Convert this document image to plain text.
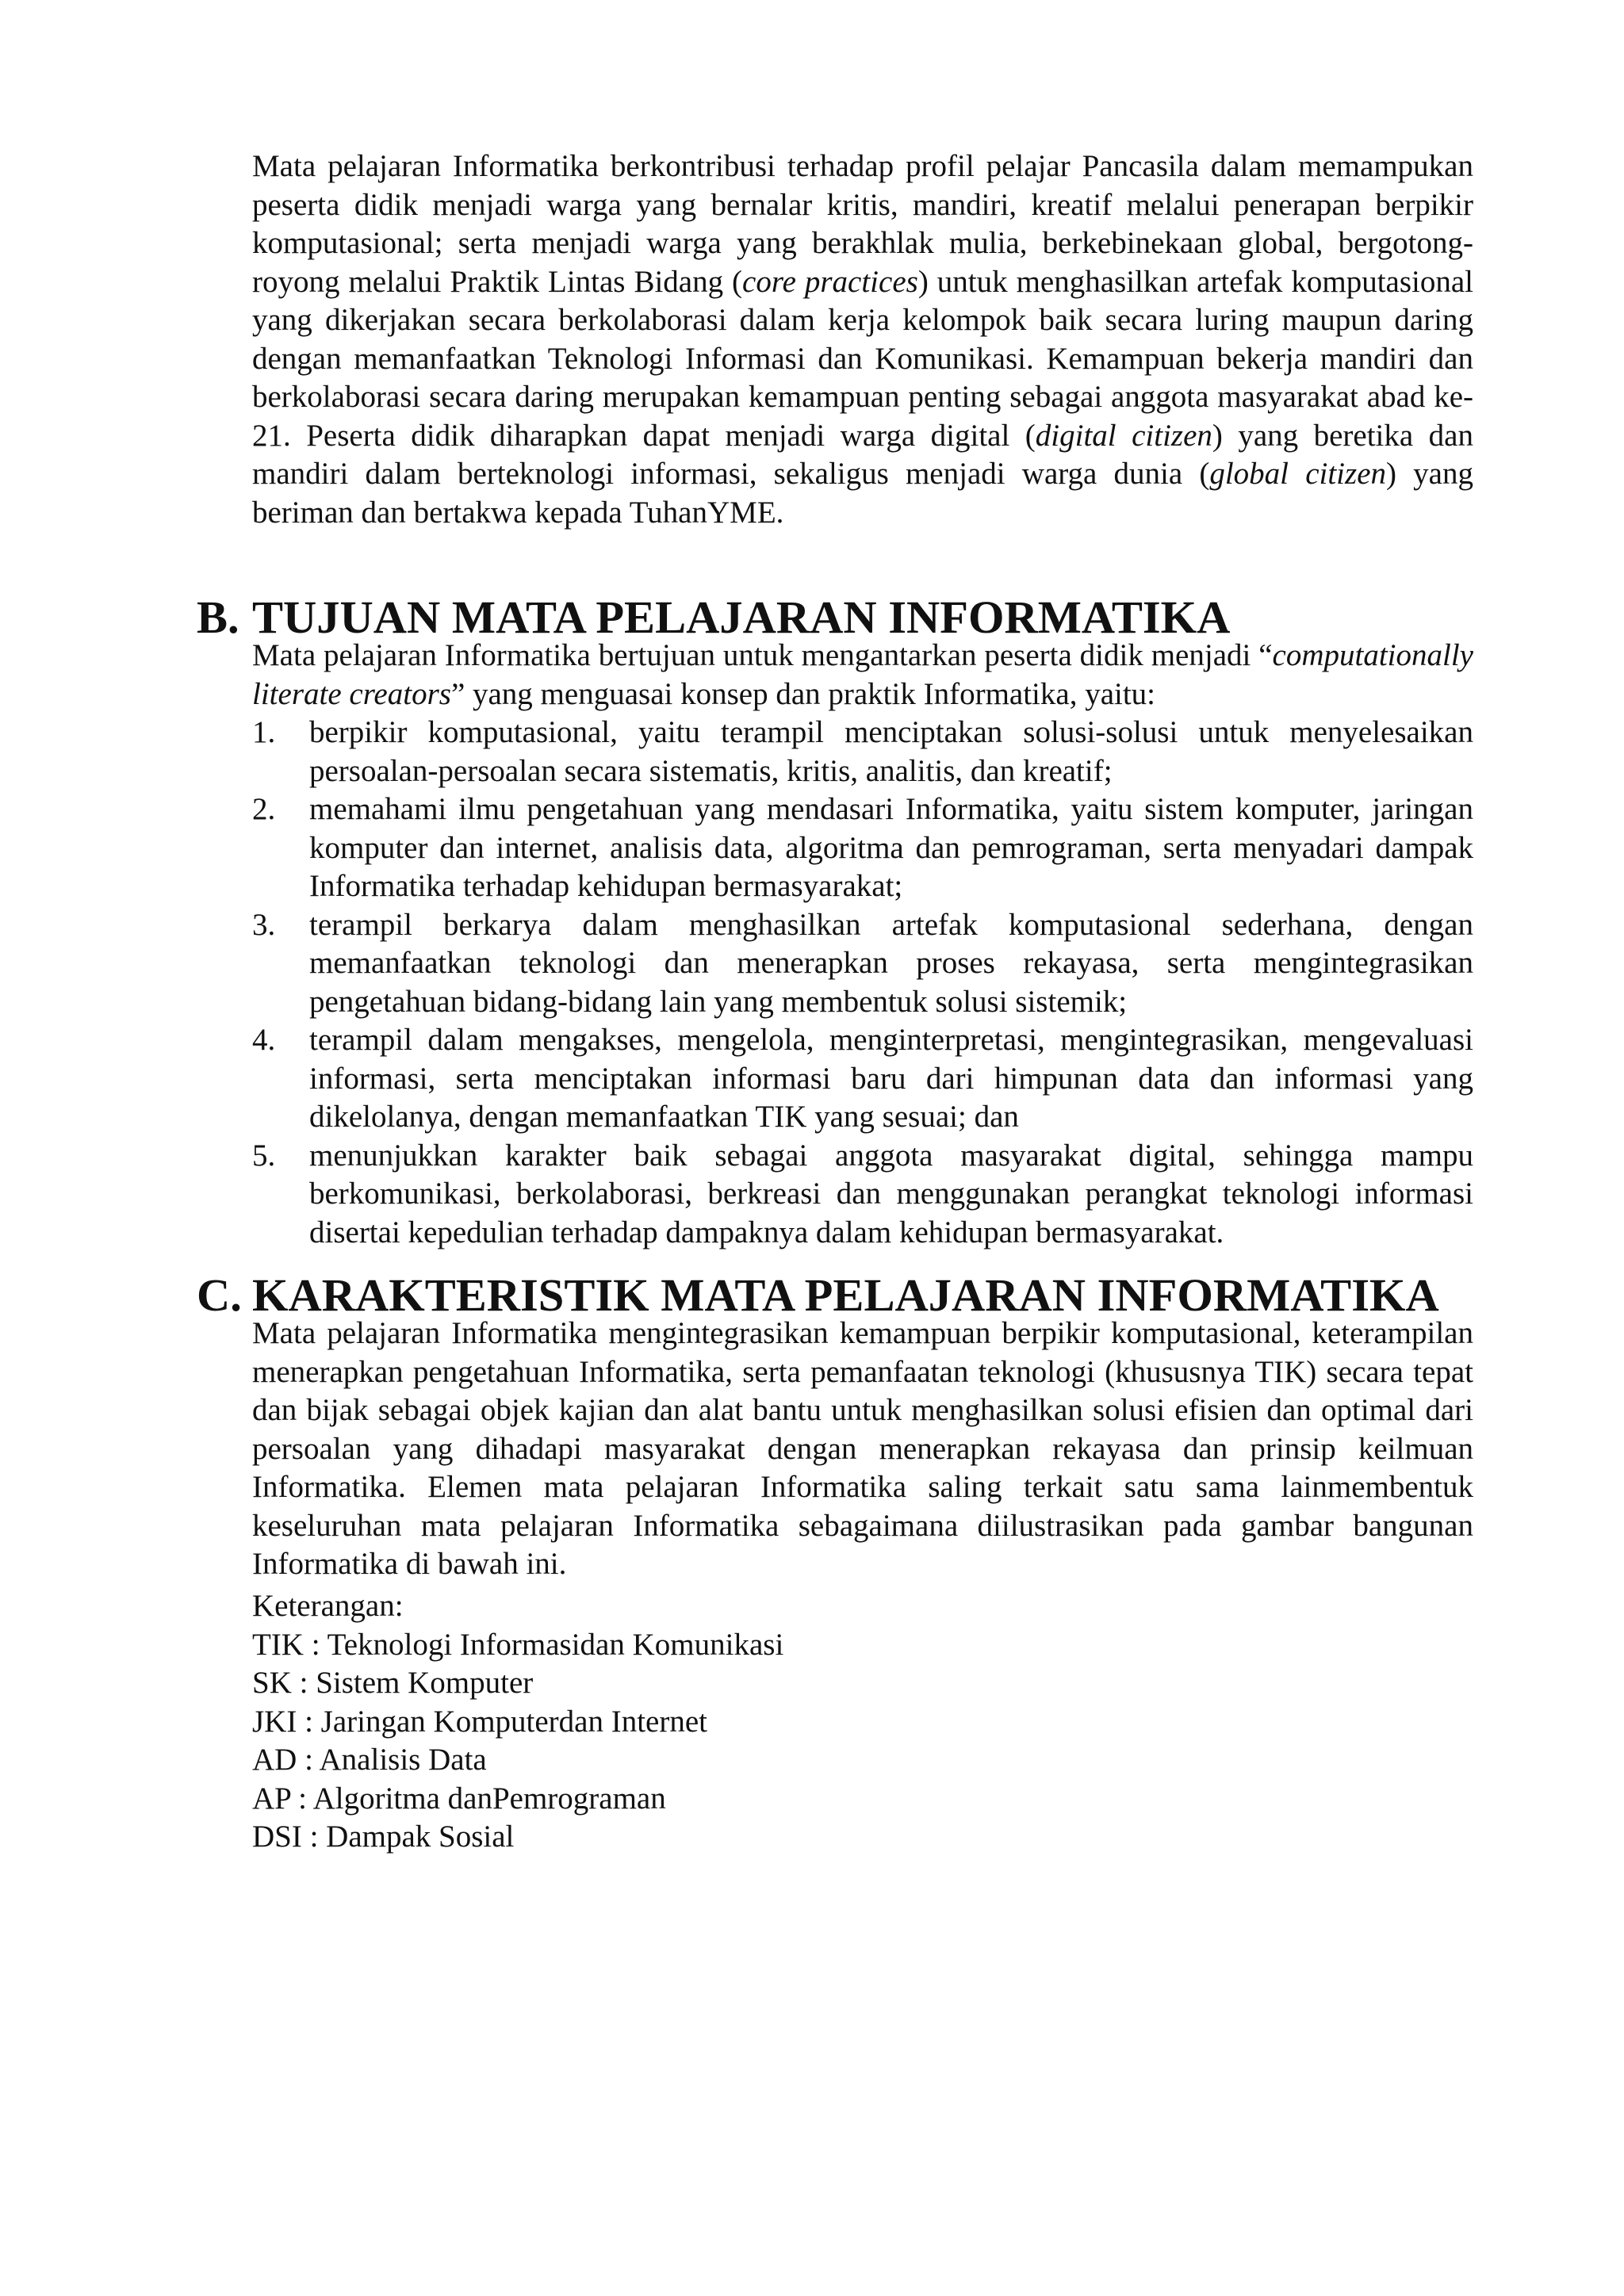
Mata pelajaran Informatika berkontribusi terhadap profil pelajar Pancasila dalam memampukan peserta didik menjadi warga yang bernalar kritis, mandiri, kreatif melalui penerapan berpikir komputasional; serta menjadi warga yang berakhlak mulia, berkebinekaan global, bergotong-royong melalui Praktik Lintas Bidang (core practices) untuk menghasilkan artefak komputasional yang dikerjakan secara berkolaborasi dalam kerja kelompok baik secara luring maupun daring dengan memanfaatkan Teknologi Informasi dan Komunikasi. Kemampuan bekerja mandiri dan berkolaborasi secara daring merupakan kemampuan penting sebagai anggota masyarakat abad ke-21. Peserta didik diharapkan dapat menjadi warga digital (digital citizen) yang beretika dan mandiri dalam berteknologi informasi, sekaligus menjadi warga dunia (global citizen) yang beriman dan bertakwa kepada TuhanYME.

B. TUJUAN MATA PELAJARAN INFORMATIKA

Mata pelajaran Informatika bertujuan untuk mengantarkan peserta didik menjadi “computationally literate creators” yang menguasai konsep dan praktik Informatika, yaitu:

1. berpikir komputasional, yaitu terampil menciptakan solusi-solusi untuk menyelesaikan persoalan-persoalan secara sistematis, kritis, analitis, dan kreatif;

2. memahami ilmu pengetahuan yang mendasari Informatika, yaitu sistem komputer, jaringan komputer dan internet, analisis data, algoritma dan pemrograman, serta menyadari dampak Informatika terhadap kehidupan bermasyarakat;

3. terampil berkarya dalam menghasilkan artefak komputasional sederhana, dengan memanfaatkan teknologi dan menerapkan proses rekayasa, serta mengintegrasikan pengetahuan bidang-bidang lain yang membentuk solusi sistemik;

4. terampil dalam mengakses, mengelola, menginterpretasi, mengintegrasikan, mengevaluasi informasi, serta menciptakan informasi baru dari himpunan data dan informasi yang dikelolanya, dengan memanfaatkan TIK yang sesuai; dan

5. menunjukkan karakter baik sebagai anggota masyarakat digital, sehingga mampu berkomunikasi, berkolaborasi, berkreasi dan menggunakan perangkat teknologi informasi disertai kepedulian terhadap dampaknya dalam kehidupan bermasyarakat.

C. KARAKTERISTIK MATA PELAJARAN INFORMATIKA

Mata pelajaran Informatika mengintegrasikan kemampuan berpikir komputasional, keterampilan menerapkan pengetahuan Informatika, serta pemanfaatan teknologi (khususnya TIK) secara tepat dan bijak sebagai objek kajian dan alat bantu untuk menghasilkan solusi efisien dan optimal dari persoalan yang dihadapi masyarakat dengan menerapkan rekayasa dan prinsip keilmuan Informatika. Elemen mata pelajaran Informatika saling terkait satu sama lainmembentuk keseluruhan mata pelajaran Informatika sebagaimana diilustrasikan pada gambar bangunan Informatika di bawah ini.

Keterangan:
TIK : Teknologi Informasidan Komunikasi
SK : Sistem Komputer
JKI : Jaringan Komputerdan Internet
AD : Analisis Data
AP : Algoritma danPemrograman
DSI : Dampak Sosial
